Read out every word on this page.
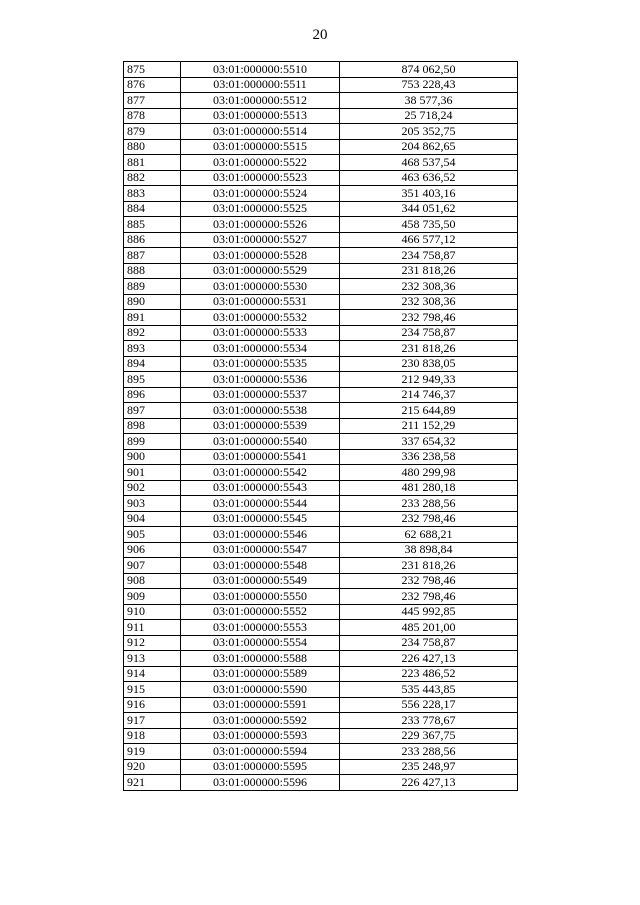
20
875	03:01:000000:5510	874 062,50
876	03:01:000000:5511	753 228,43
877	03:01:000000:5512	38 577,36
878	03:01:000000:5513	25 718,24
879	03:01:000000:5514	205 352,75
880	03:01:000000:5515	204 862,65
881	03:01:000000:5522	468 537,54
882	03:01:000000:5523	463 636,52
883	03:01:000000:5524	351 403,16
884	03:01:000000:5525	344 051,62
885	03:01:000000:5526	458 735,50
886	03:01:000000:5527	466 577,12
887	03:01:000000:5528	234 758,87
888	03:01:000000:5529	231 818,26
889	03:01:000000:5530	232 308,36
890	03:01:000000:5531	232 308,36
891	03:01:000000:5532	232 798,46
892	03:01:000000:5533	234 758,87
893	03:01:000000:5534	231 818,26
894	03:01:000000:5535	230 838,05
895	03:01:000000:5536	212 949,33
896	03:01:000000:5537	214 746,37
897	03:01:000000:5538	215 644,89
898	03:01:000000:5539	211 152,29
899	03:01:000000:5540	337 654,32
900	03:01:000000:5541	336 238,58
901	03:01:000000:5542	480 299,98
902	03:01:000000:5543	481 280,18
903	03:01:000000:5544	233 288,56
904	03:01:000000:5545	232 798,46
905	03:01:000000:5546	62 688,21
906	03:01:000000:5547	38 898,84
907	03:01:000000:5548	231 818,26
908	03:01:000000:5549	232 798,46
909	03:01:000000:5550	232 798,46
910	03:01:000000:5552	445 992,85
911	03:01:000000:5553	485 201,00
912	03:01:000000:5554	234 758,87
913	03:01:000000:5588	226 427,13
914	03:01:000000:5589	223 486,52
915	03:01:000000:5590	535 443,85
916	03:01:000000:5591	556 228,17
917	03:01:000000:5592	233 778,67
918	03:01:000000:5593	229 367,75
919	03:01:000000:5594	233 288,56
920	03:01:000000:5595	235 248,97
921	03:01:000000:5596	226 427,13
